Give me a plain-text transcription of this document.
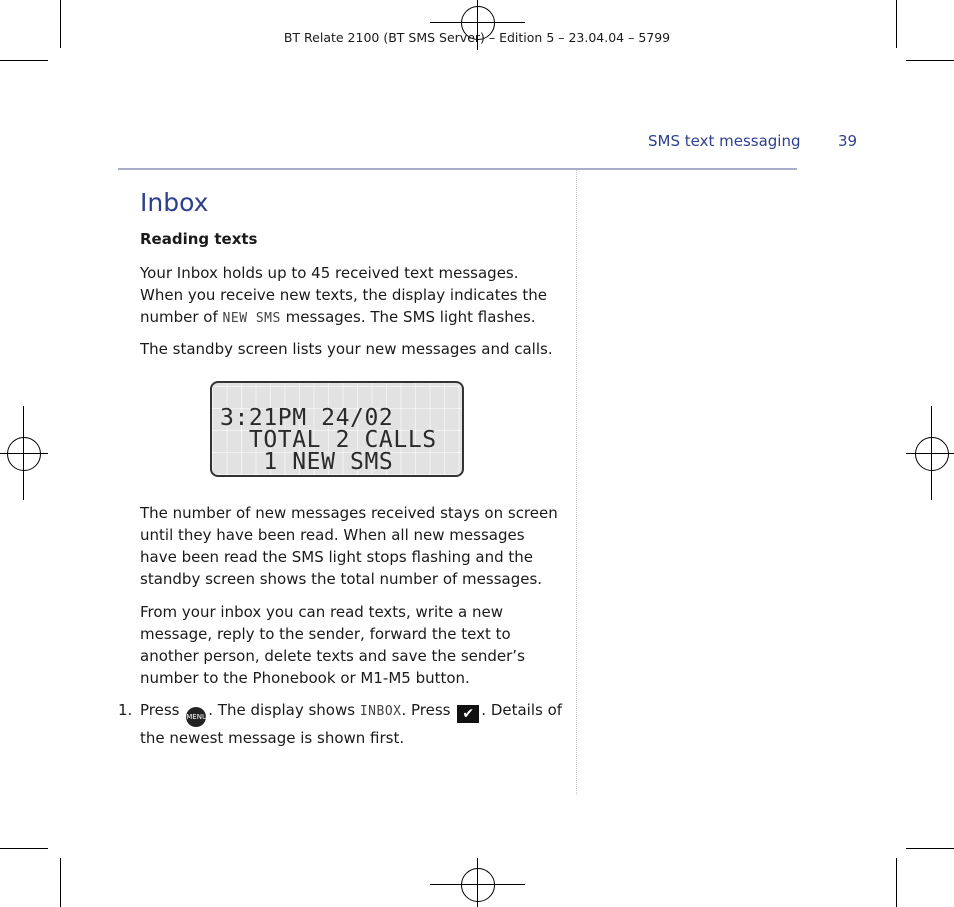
BT Relate 2100 (BT SMS Server) – Edition 5 – 23.04.04 – 5799
SMS text messaging 39
Inbox
Reading texts
Your Inbox holds up to 45 received text messages. When you receive new texts, the display indicates the number of NEW SMS messages. The SMS light flashes.
The standby screen lists your new messages and calls.
3:21PM 24/02
TOTAL 2 CALLS
1 NEW SMS
The number of new messages received stays on screen until they have been read. When all new messages have been read the SMS light stops flashing and the standby screen shows the total number of messages.
From your inbox you can read texts, write a new message, reply to the sender, forward the text to another person, delete texts and save the sender’s number to the Phonebook or M1-M5 button.
1. Press MENU. The display shows INBOX. Press ✔ . Details of the newest message is shown first.
